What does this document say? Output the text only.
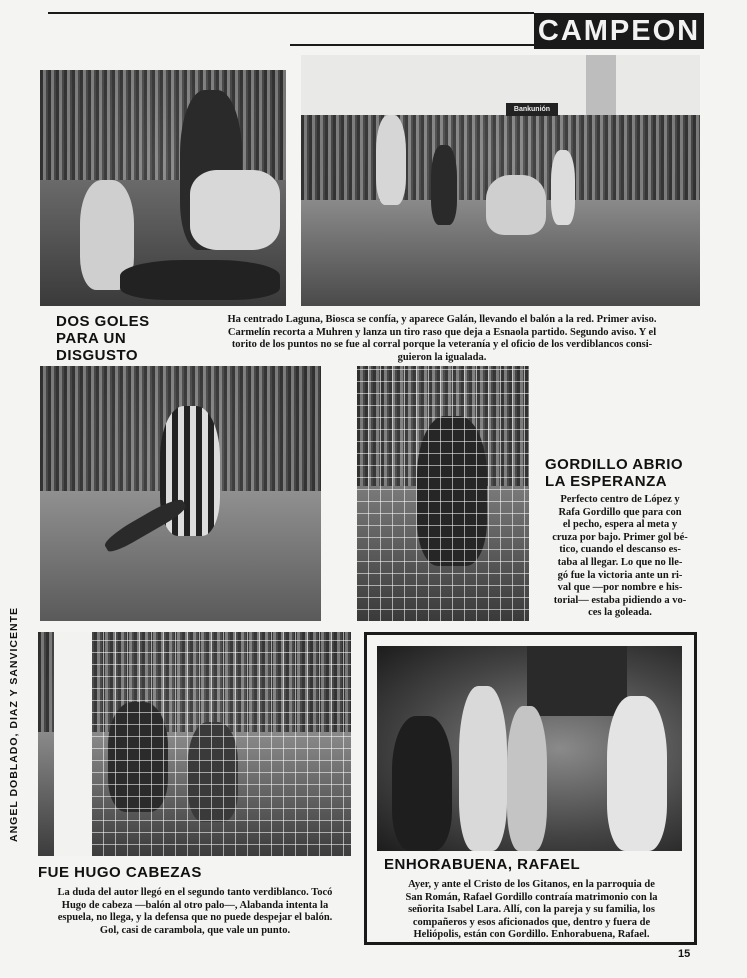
CAMPEON
Bankunión
DOS GOLES
PARA UN
DISGUSTO
Ha centrado Laguna, Biosca se confía, y aparece Galán, llevando el balón a la red. Primer aviso.
Carmelín recorta a Muhren y lanza un tiro raso que deja a Esnaola partido. Segundo aviso. Y el
torito de los puntos no se fue al corral porque la veteranía y el oficio de los verdiblancos consi-
guieron la igualada.
GORDILLO ABRIO
LA ESPERANZA
Perfecto centro de López y
Rafa Gordillo que para con
el pecho, espera al meta y
cruza por bajo. Primer gol bé-
tico, cuando el descanso es-
taba al llegar. Lo que no lle-
gó fue la victoria ante un ri-
val que —por nombre e his-
torial— estaba pidiendo a vo-
ces la goleada.
ANGEL DOBLADO, DIAZ Y SANVICENTE
FUE HUGO CABEZAS
La duda del autor llegó en el segundo tanto verdiblanco. Tocó
Hugo de cabeza —balón al otro palo—, Alabanda intenta la
espuela, no llega, y la defensa que no puede despejar el balón.
Gol, casi de carambola, que vale un punto.
ENHORABUENA, RAFAEL
Ayer, y ante el Cristo de los Gitanos, en la parroquia de
San Román, Rafael Gordillo contraía matrimonio con la
señorita Isabel Lara. Allí, con la pareja y su familia, los
compañeros y esos aficionados que, dentro y fuera de
Heliópolis, están con Gordillo. Enhorabuena, Rafael.
15
